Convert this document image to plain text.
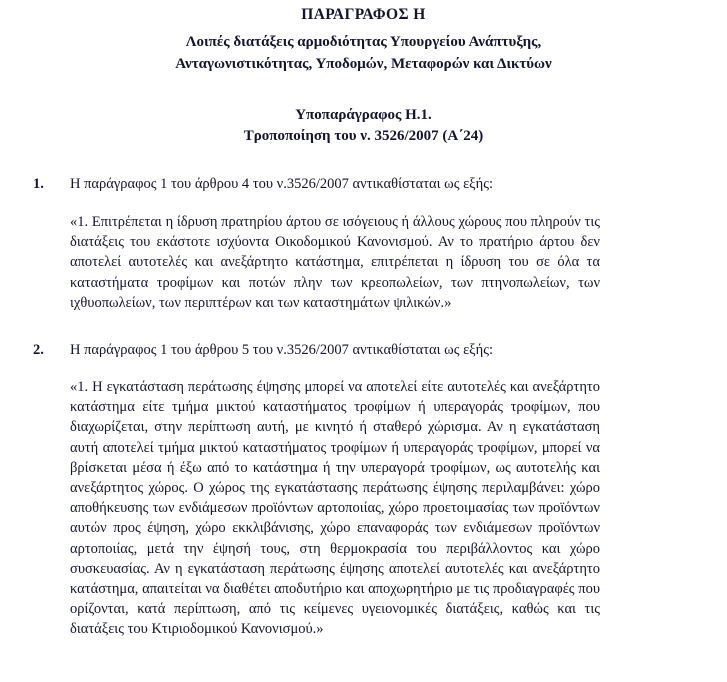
ΠΑΡΑΓΡΑΦΟΣ Η
Λοιπές διατάξεις αρμοδιότητας Υπουργείου Ανάπτυξης,
Ανταγωνιστικότητας, Υποδομών, Μεταφορών και Δικτύων
Υποπαράγραφος Η.1.
Τροποποίηση του ν. 3526/2007 (Α΄24)
1.	Η παράγραφος 1 του άρθρου 4 του ν.3526/2007 αντικαθίσταται ως εξής:

«1. Επιτρέπεται η ίδρυση πρατηρίου άρτου σε ισόγειους ή άλλους χώρους που πληρούν τις διατάξεις του εκάστοτε ισχύοντα Οικοδομικού Κανονισμού. Αν το πρατήριο άρτου δεν αποτελεί αυτοτελές και ανεξάρτητο κατάστημα, επιτρέπεται η ίδρυση του σε όλα τα καταστήματα τροφίμων και ποτών πλην των κρεοπωλείων, των πτηνοπωλείων, των ιχθυοπωλείων, των περιπτέρων και των καταστημάτων ψιλικών.»

2.	Η παράγραφος 1 του άρθρου 5 του ν.3526/2007 αντικαθίσταται ως εξής:

«1. Η εγκατάσταση περάτωσης έψησης μπορεί να αποτελεί είτε αυτοτελές και ανεξάρτητο κατάστημα είτε τμήμα μικτού καταστήματος τροφίμων ή υπεραγοράς τροφίμων, που διαχωρίζεται, στην περίπτωση αυτή, με κινητό ή σταθερό χώρισμα. Αν η εγκατάσταση αυτή αποτελεί τμήμα μικτού καταστήματος τροφίμων ή υπεραγοράς τροφίμων, μπορεί να βρίσκεται μέσα ή έξω από το κατάστημα ή την υπεραγορά τροφίμων, ως αυτοτελής και ανεξάρτητος χώρος. Ο χώρος της εγκατάστασης περάτωσης έψησης περιλαμβάνει: χώρο αποθήκευσης των ενδιάμεσων προϊόντων αρτοποιίας, χώρο προετοιμασίας των προϊόντων αυτών προς έψηση, χώρο εκκλιβάνισης, χώρο επαναφοράς των ενδιάμεσων προϊόντων αρτοποιίας, μετά την έψησή τους, στη θερμοκρασία του περιβάλλοντος και χώρο συσκευασίας. Αν η εγκατάσταση περάτωσης έψησης αποτελεί αυτοτελές και ανεξάρτητο κατάστημα, απαιτείται να διαθέτει αποδυτήριο και αποχωρητήριο με τις προδιαγραφές που ορίζονται, κατά περίπτωση, από τις κείμενες υγειονομικές διατάξεις, καθώς και τις διατάξεις του Κτιριοδομικού Κανονισμού.»
